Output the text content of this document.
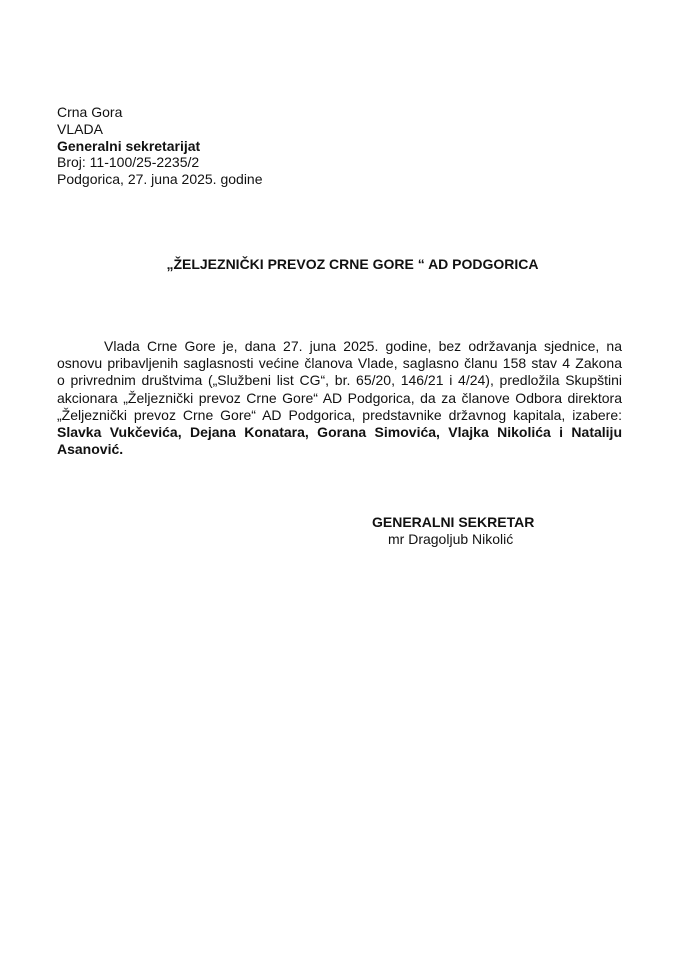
Crna Gora
VLADA
Generalni sekretarijat
Broj: 11-100/25-2235/2
Podgorica, 27. juna 2025. godine
„ŽELJEZNIČKI PREVOZ CRNE GORE “ AD PODGORICA
Vlada Crne Gore je, dana 27. juna 2025. godine, bez održavanja sjednice, na
osnovu pribavljenih saglasnosti većine članova Vlade, saglasno članu 158 stav 4 Zakona
o privrednim društvima („Službeni list CG“, br. 65/20, 146/21 i 4/24), predložila Skupštini
akcionara „Željeznički prevoz Crne Gore“ AD Podgorica, da za članove Odbora direktora
„Željeznički prevoz Crne Gore“ AD Podgorica, predstavnike državnog kapitala, izabere:
Slavka Vukčevića, Dejana Konatara, Gorana Simovića, Vlajka Nikolića i Nataliju
Asanović.
GENERALNI SEKRETAR
mr Dragoljub Nikolić
